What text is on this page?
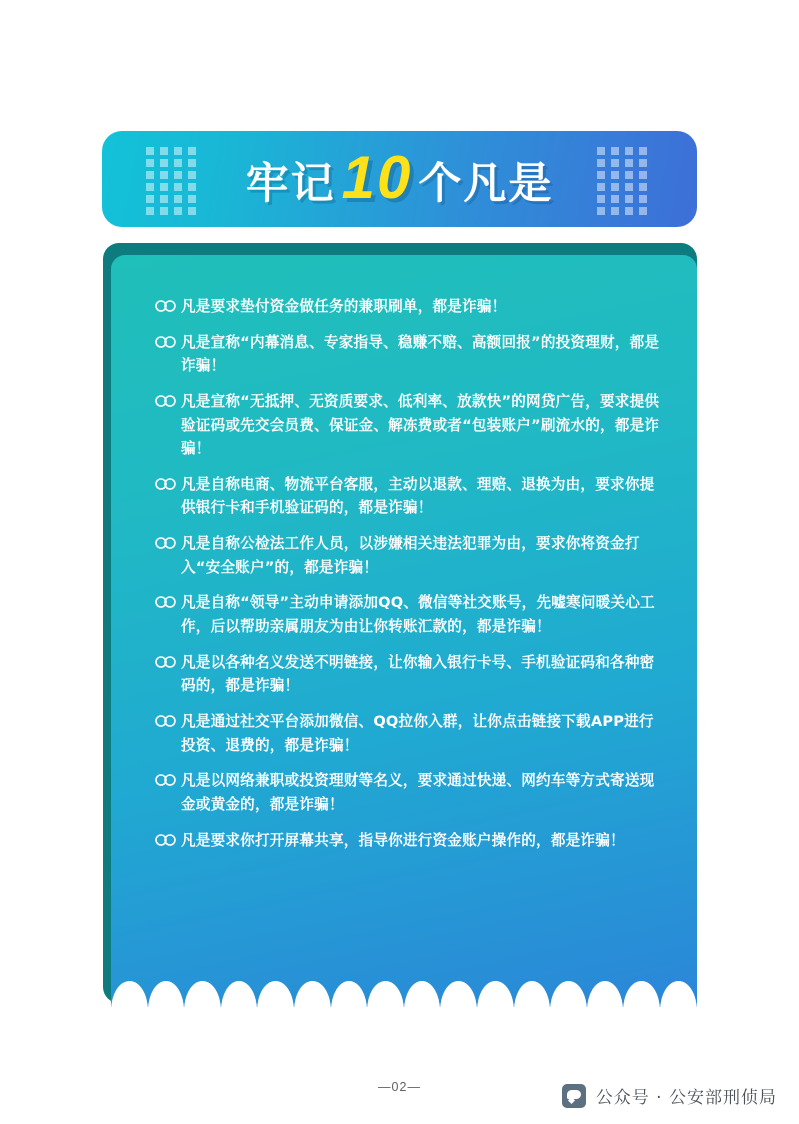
牢记 10 个凡是
凡是要求垫付资金做任务的兼职刷单，都是诈骗！
凡是宣称“内幕消息、专家指导、稳赚不赔、高额回报”的投资理财，都是诈骗！
凡是宣称“无抵押、无资质要求、低利率、放款快”的网贷广告，要求提供验证码或先交会员费、保证金、解冻费或者“包装账户”刷流水的，都是诈骗！
凡是自称电商、物流平台客服，主动以退款、理赔、退换为由，要求你提供银行卡和手机验证码的，都是诈骗！
凡是自称公检法工作人员，以涉嫌相关违法犯罪为由，要求你将资金打入“安全账户”的，都是诈骗！
凡是自称“领导”主动申请添加QQ、微信等社交账号，先嘘寒问暖关心工作，后以帮助亲属朋友为由让你转账汇款的，都是诈骗！
凡是以各种名义发送不明链接，让你输入银行卡号、手机验证码和各种密码的，都是诈骗！
凡是通过社交平台添加微信、QQ拉你入群，让你点击链接下载APP进行投资、退费的，都是诈骗！
凡是以网络兼职或投资理财等名义，要求通过快递、网约车等方式寄送现金或黄金的，都是诈骗！
凡是要求你打开屏幕共享，指导你进行资金账户操作的，都是诈骗！
—02—
公众号 · 公安部刑侦局
